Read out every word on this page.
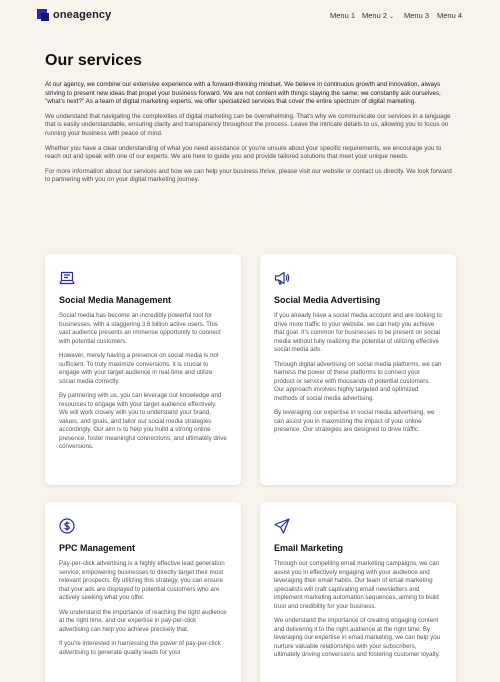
oneagency	Menu 1 Menu 2 ⌄ Menu 3 Menu 4
Our services

At our agency, we combine our extensive experience with a forward-thinking mindset. We believe in continuous growth and innovation, always striving to present new ideas that propel your business forward. We are not content with things staying the same; we constantly ask ourselves, "what's next?" As a team of digital marketing experts, we offer specialized services that cover the entire spectrum of digital marketing.

We understand that navigating the complexities of digital marketing can be overwhelming. That's why we communicate our services in a language that is easily understandable, ensuring clarity and transparency throughout the process. Leave the intricate details to us, allowing you to focus on running your business with peace of mind.

Whether you have a clear understanding of what you need assistance or you're unsure about your specific requirements, we encourage you to reach out and speak with one of our experts. We are here to guide you and provide tailored solutions that meet your unique needs.

For more information about our services and how we can help your business thrive, please visit our website or contact us directly. We look forward to partnering with you on your digital marketing journey.

Social Media Management

Social media has become an incredibly powerful tool for businesses, with a staggering 3.6 billion active users. This vast audience presents an immense opportunity to connect with potential customers.

However, merely having a presence on social media is not sufficient. To truly maximize conversions, it is crucial to engage with your target audience in real-time and utilize social media correctly.

By partnering with us, you can leverage our knowledge and resources to engage with your target audience effectively. We will work closely with you to understand your brand, values, and goals, and tailor our social media strategies accordingly. Our aim is to help you build a strong online presence, foster meaningful connections, and ultimately drive conversions.

Social Media Advertising

If you already have a social media account and are looking to drive more traffic to your website, we can help you achieve that goal. It's common for businesses to be present on social media without fully realizing the potential of utilizing effective social media ads.

Through digital advertising on social media platforms, we can harness the power of these platforms to connect your product or service with thousands of potential customers. Our approach involves highly targeted and optimized methods of social media advertising.

By leveraging our expertise in social media advertising, we can assist you in maximizing the impact of your online presence. Our strategies are designed to drive traffic.

PPC Management

Pay-per-click advertising is a highly effective lead generation service, empowering businesses to directly target their most relevant prospects. By utilizing this strategy, you can ensure that your ads are displayed to potential customers who are actively seeking what you offer.

We understand the importance of reaching the right audience at the right time, and our expertise in pay-per-click advertising can help you achieve precisely that.

If you're interested in harnessing the power of pay-per-click advertising to generate quality leads for your

Email Marketing

Through our compelling email marketing campaigns, we can assist you in effectively engaging with your audience and leveraging their email habits. Our team of email marketing specialists will craft captivating email newsletters and implement marketing automation sequences, aiming to build trust and credibility for your business.

We understand the importance of creating engaging content and delivering it to the right audience at the right time. By leveraging our expertise in email marketing, we can help you nurture valuable relationships with your subscribers, ultimately driving conversions and fostering customer loyalty.
